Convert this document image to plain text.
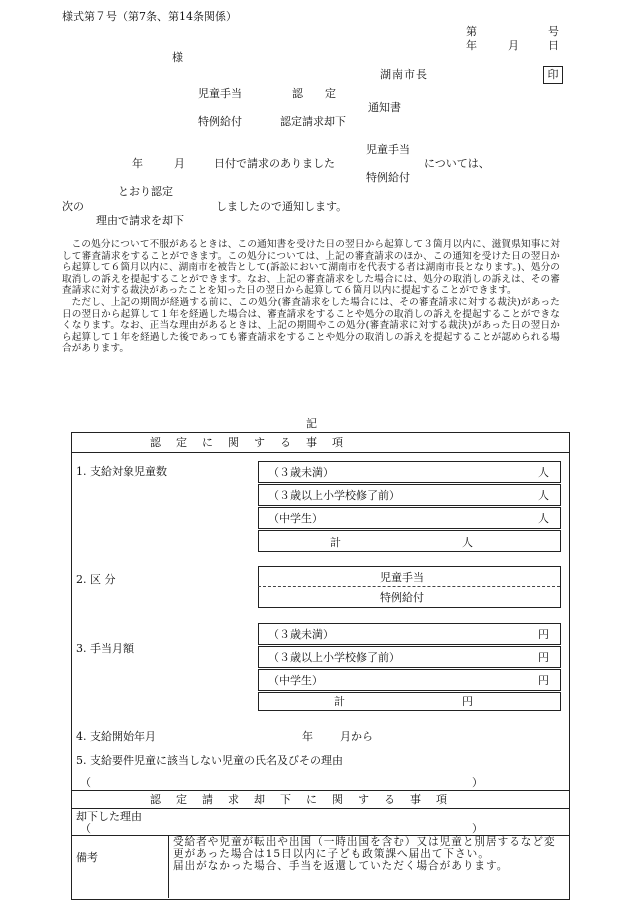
様式第７号（第7条、第14条関係）
第	号
年	月	日
様
湖南市長	印
児童手当	認　　定
通知書
特例給付	認定請求却下
児童手当
年	月	日付で請求のありました	については、
特例給付
とおり認定
次の	しましたので通知します。
理由で請求を却下

この処分について不服があるときは、この通知書を受けた日の翌日から起算して３箇月以内に、滋賀県知事に対して審査請求をすることができます。この処分については、上記の審査請求のほか、この通知を受けた日の翌日から起算して６箇月以内に、湖南市を被告として(訴訟において湖南市を代表する者は湖南市長となります。)、処分の取消しの訴えを提起することができます。なお、上記の審査請求をした場合には、処分の取消しの訴えは、その審査請求に対する裁決があったことを知った日の翌日から起算して６箇月以内に提起することができます。

ただし、上記の期間が経過する前に、この処分(審査請求をした場合には、その審査請求に対する裁決)があった日の翌日から起算して１年を経過した場合は、審査請求をすることや処分の取消しの訴えを提起することができなくなります。なお、正当な理由があるときは、上記の期間やこの処分(審査請求に対する裁決)があった日の翌日から起算して１年を経過した後であっても審査請求をすることや処分の取消しの訴えを提起することが認められる場合があります。

記
認　定　に　関　す　る　事　項
1. 支給対象児童数	（３歳未満）	人
（３歳以上小学校修了前）	人
（中学生）	人
計	人
2. 区 分	児童手当
特例給付
3. 手当月額
（３歳未満）	円
（３歳以上小学校修了前）	円
（中学生）	円
計	円
4. 支給開始年月	年 月から
5. 支給要件児童に該当しない児童の氏名及びその理由
（	）
認　定　請　求　却　下　に　関　す　る　事　項
却下した理由
（	）
備考
受給者や児童が転出や出国（一時出国を含む）又は児童と別居するなど変更があった場合は15日以内に子ども政策課へ届出て下さい。
届出がなかった場合、手当を返還していただく場合があります。
